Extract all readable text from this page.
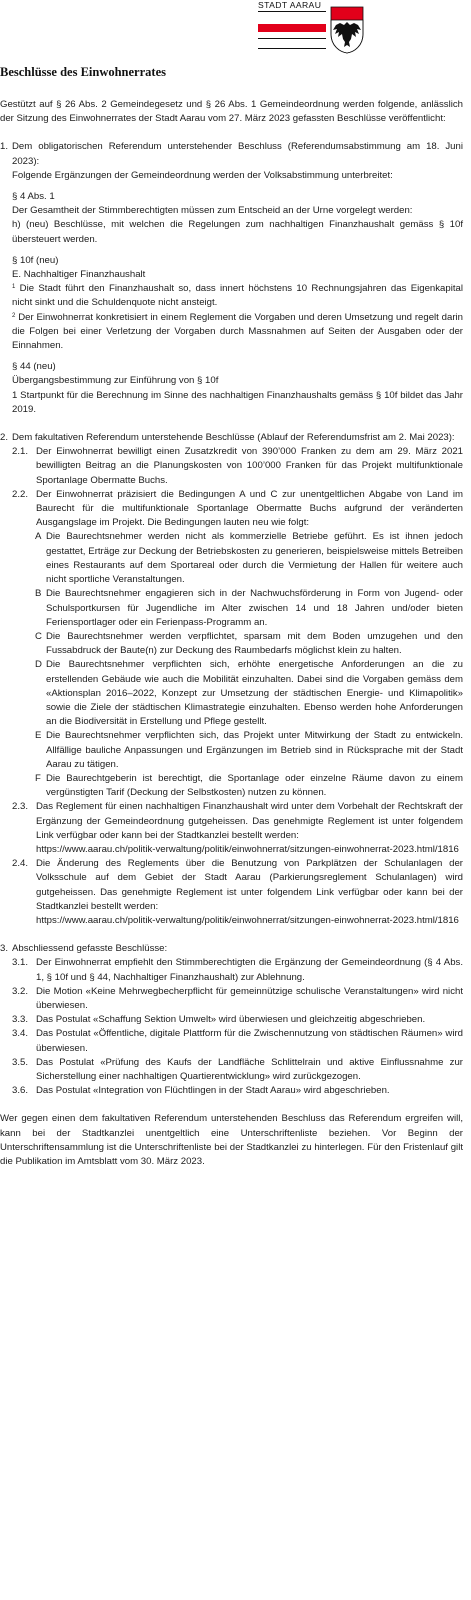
STADT AARAU
Beschlüsse des Einwohnerrates

Gestützt auf § 26 Abs. 2 Gemeindegesetz und § 26 Abs. 1 Gemeindeordnung werden folgende, anlässlich der Sitzung des Einwohnerrates der Stadt Aarau vom 27. März 2023 gefassten Beschlüsse veröffentlicht:

1. Dem obligatorischen Referendum unterstehender Beschluss (Referendumsabstimmung am 18. Juni 2023):

Folgende Ergänzungen der Gemeindeordnung werden der Volksabstimmung unterbreitet:

§ 4 Abs. 1

Der Gesamtheit der Stimmberechtigten müssen zum Entscheid an der Urne vorgelegt werden:

h) (neu) Beschlüsse, mit welchen die Regelungen zum nachhaltigen Finanzhaushalt gemäss § 10f übersteuert werden.

§ 10f (neu)

E. Nachhaltiger Finanzhaushalt

$^1$ Die Stadt führt den Finanzhaushalt so, dass innert höchstens 10 Rechnungsjahren das Eigenkapital nicht sinkt und die Schuldenquote nicht ansteigt.

$^2$ Der Einwohnerrat konkretisiert in einem Reglement die Vorgaben und deren Umsetzung und regelt darin die Folgen bei einer Verletzung der Vorgaben durch Massnahmen auf Seiten der Ausgaben oder der Einnahmen.

§ 44 (neu)

Übergangsbestimmung zur Einführung von § 10f

1 Startpunkt für die Berechnung im Sinne des nachhaltigen Finanzhaushalts gemäss § 10f bildet das Jahr 2019.

2. Dem fakultativen Referendum unterstehende Beschlüsse (Ablauf der Referendumsfrist am 2. Mai 2023):

2.1. Der Einwohnerrat bewilligt einen Zusatzkredit von 390’000 Franken zu dem am 29. März 2021 bewilligten Beitrag an die Planungskosten von 100’000 Franken für das Projekt multifunktionale Sportanlage Obermatte Buchs.

2.2. Der Einwohnerrat präzisiert die Bedingungen A und C zur unentgeltlichen Abgabe von Land im Baurecht für die multifunktionale Sportanlage Obermatte Buchs aufgrund der veränderten Ausgangslage im Projekt. Die Bedingungen lauten neu wie folgt:

A Die Baurechtsnehmer werden nicht als kommerzielle Betriebe geführt. Es ist ihnen jedoch gestattet, Erträge zur Deckung der Betriebskosten zu generieren, beispielsweise mittels Betreiben eines Restaurants auf dem Sportareal oder durch die Vermietung der Hallen für weitere auch nicht sportliche Veranstaltungen.

B Die Baurechtsnehmer engagieren sich in der Nachwuchsförderung in Form von Jugend- oder Schulsportkursen für Jugendliche im Alter zwischen 14 und 18 Jahren und/oder bieten Feriensportlager oder ein Ferienpass-Programm an.

C Die Baurechtsnehmer werden verpflichtet, sparsam mit dem Boden umzugehen und den Fussabdruck der Baute(n) zur Deckung des Raumbedarfs möglichst klein zu halten.

D Die Baurechtsnehmer verpflichten sich, erhöhte energetische Anforderungen an die zu erstellenden Gebäude wie auch die Mobilität einzuhalten. Dabei sind die Vorgaben gemäss dem «Aktionsplan 2016–2022, Konzept zur Umsetzung der städtischen Energie- und Klimapolitik» sowie die Ziele der städtischen Klimastrategie einzuhalten. Ebenso werden hohe Anforderungen an die Biodiversität in Erstellung und Pflege gestellt.

E Die Baurechtsnehmer verpflichten sich, das Projekt unter Mitwirkung der Stadt zu entwickeln. Allfällige bauliche Anpassungen und Ergänzungen im Betrieb sind in Rücksprache mit der Stadt Aarau zu tätigen.

F Die Baurechtgeberin ist berechtigt, die Sportanlage oder einzelne Räume davon zu einem vergünstigten Tarif (Deckung der Selbstkosten) nutzen zu können.

2.3. Das Reglement für einen nachhaltigen Finanzhaushalt wird unter dem Vorbehalt der Rechtskraft der Ergänzung der Gemeindeordnung gutgeheissen. Das genehmigte Reglement ist unter folgendem Link verfügbar oder kann bei der Stadtkanzlei bestellt werden:

https://www.aarau.ch/politik-verwaltung/politik/einwohnerrat/sitzungen-einwohnerrat-2023.html/1816

2.4. Die Änderung des Reglements über die Benutzung von Parkplätzen der Schulanlagen der Volksschule auf dem Gebiet der Stadt Aarau (Parkierungsreglement Schulanlagen) wird gutgeheissen. Das genehmigte Reglement ist unter folgendem Link verfügbar oder kann bei der Stadtkanzlei bestellt werden:

https://www.aarau.ch/politik-verwaltung/politik/einwohnerrat/sitzungen-einwohnerrat-2023.html/1816

3. Abschliessend gefasste Beschlüsse:

3.1. Der Einwohnerrat empfiehlt den Stimmberechtigten die Ergänzung der Gemeindeordnung (§ 4 Abs. 1, § 10f und § 44, Nachhaltiger Finanzhaushalt) zur Ablehnung.

3.2. Die Motion «Keine Mehrwegbecherpflicht für gemeinnützige schulische Veranstaltungen» wird nicht überwiesen.

3.3. Das Postulat «Schaffung Sektion Umwelt» wird überwiesen und gleichzeitig abgeschrieben.

3.4. Das Postulat «Öffentliche, digitale Plattform für die Zwischennutzung von städtischen Räumen» wird überwiesen.

3.5. Das Postulat «Prüfung des Kaufs der Landfläche Schlittelrain und aktive Einflussnahme zur Sicherstellung einer nachhaltigen Quartierentwicklung» wird zurückgezogen.

3.6. Das Postulat «Integration von Flüchtlingen in der Stadt Aarau» wird abgeschrieben.

Wer gegen einen dem fakultativen Referendum unterstehenden Beschluss das Referendum ergreifen will, kann bei der Stadtkanzlei unentgeltlich eine Unterschriftenliste beziehen. Vor Beginn der Unterschriftensammlung ist die Unterschriftenliste bei der Stadtkanzlei zu hinterlegen. Für den Fristenlauf gilt die Publikation im Amtsblatt vom 30. März 2023.
